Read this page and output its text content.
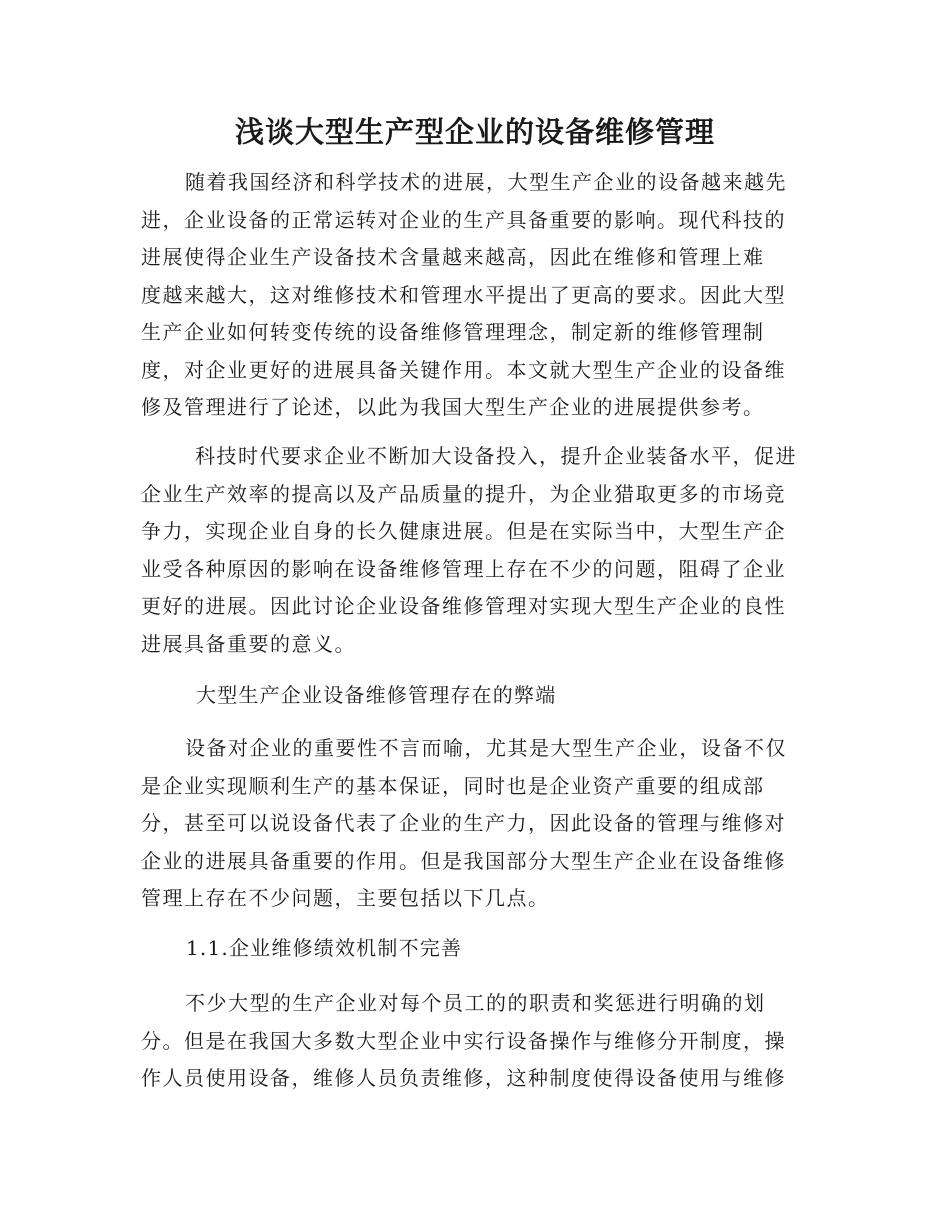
浅谈大型生产型企业的设备维修管理
随着我国经济和科学技术的进展，大型生产企业的设备越来越先
进，企业设备的正常运转对企业的生产具备重要的影响。现代科技的
进展使得企业生产设备技术含量越来越高，因此在维修和管理上难
度越来越大，这对维修技术和管理水平提出了更高的要求。因此大型
生产企业如何转变传统的设备维修管理理念，制定新的维修管理制
度，对企业更好的进展具备关键作用。本文就大型生产企业的设备维
修及管理进行了论述，以此为我国大型生产企业的进展提供参考。
科技时代要求企业不断加大设备投入，提升企业装备水平，促进
企业生产效率的提高以及产品质量的提升，为企业猎取更多的市场竞
争力，实现企业自身的长久健康进展。但是在实际当中，大型生产企
业受各种原因的影响在设备维修管理上存在不少的问题，阻碍了企业
更好的进展。因此讨论企业设备维修管理对实现大型生产企业的良性
进展具备重要的意义。
大型生产企业设备维修管理存在的弊端
设备对企业的重要性不言而喻，尤其是大型生产企业，设备不仅
是企业实现顺利生产的基本保证，同时也是企业资产重要的组成部
分，甚至可以说设备代表了企业的生产力，因此设备的管理与维修对
企业的进展具备重要的作用。但是我国部分大型生产企业在设备维修
管理上存在不少问题，主要包括以下几点。
1.1.企业维修绩效机制不完善
不少大型的生产企业对每个员工的的职责和奖惩进行明确的划
分。但是在我国大多数大型企业中实行设备操作与维修分开制度，操
作人员使用设备，维修人员负责维修，这种制度使得设备使用与维修
